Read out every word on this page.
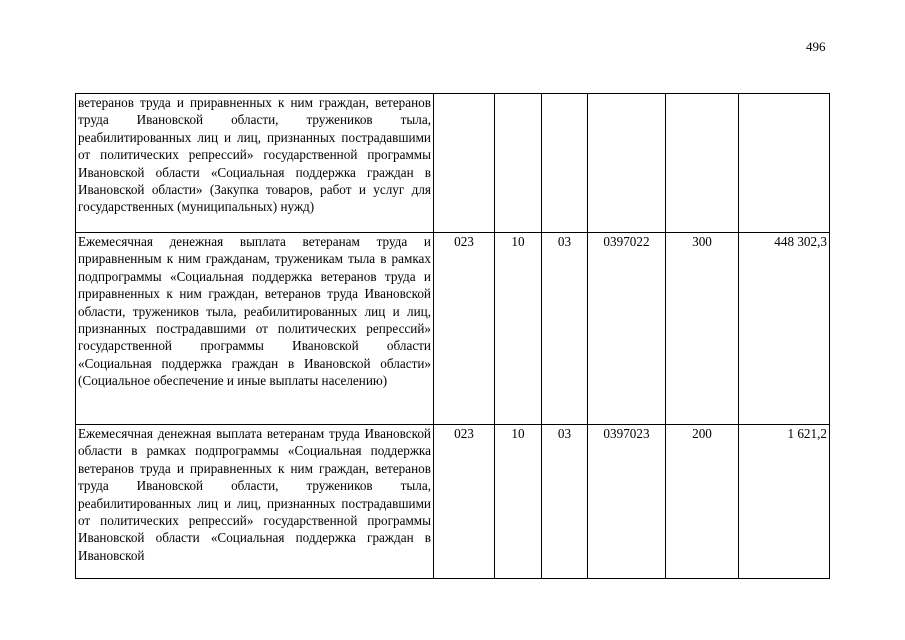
496
ветеранов труда и приравненных к ним граждан, ветеранов труда Ивановской области, тружеников тыла, реабилитированных лиц и лиц, признанных пострадавшими от политических репрессий» государственной программы Ивановской области «Социальная поддержка граждан в Ивановской области» (Закупка товаров, работ и услуг для государственных (муниципальных) нужд)						
Ежемесячная денежная выплата ветеранам труда и приравненным к ним гражданам, труженикам тыла в рамках подпрограммы «Социальная поддержка ветеранов труда и приравненных к ним граждан, ветеранов труда Ивановской области, тружеников тыла, реабилитированных лиц и лиц, признанных пострадавшими от политических репрессий» государственной программы Ивановской области «Социальная поддержка граждан в Ивановской области» (Социальное обеспечение и иные выплаты населению)	023	10	03	0397022	300	448 302,3
Ежемесячная денежная выплата ветеранам труда Ивановской области в рамках подпрограммы «Социальная поддержка ветеранов труда и приравненных к ним граждан, ветеранов труда Ивановской области, тружеников тыла, реабилитированных лиц и лиц, признанных пострадавшими от политических репрессий» государственной программы Ивановской области «Социальная поддержка граждан в Ивановской	023	10	03	0397023	200	1 621,2
